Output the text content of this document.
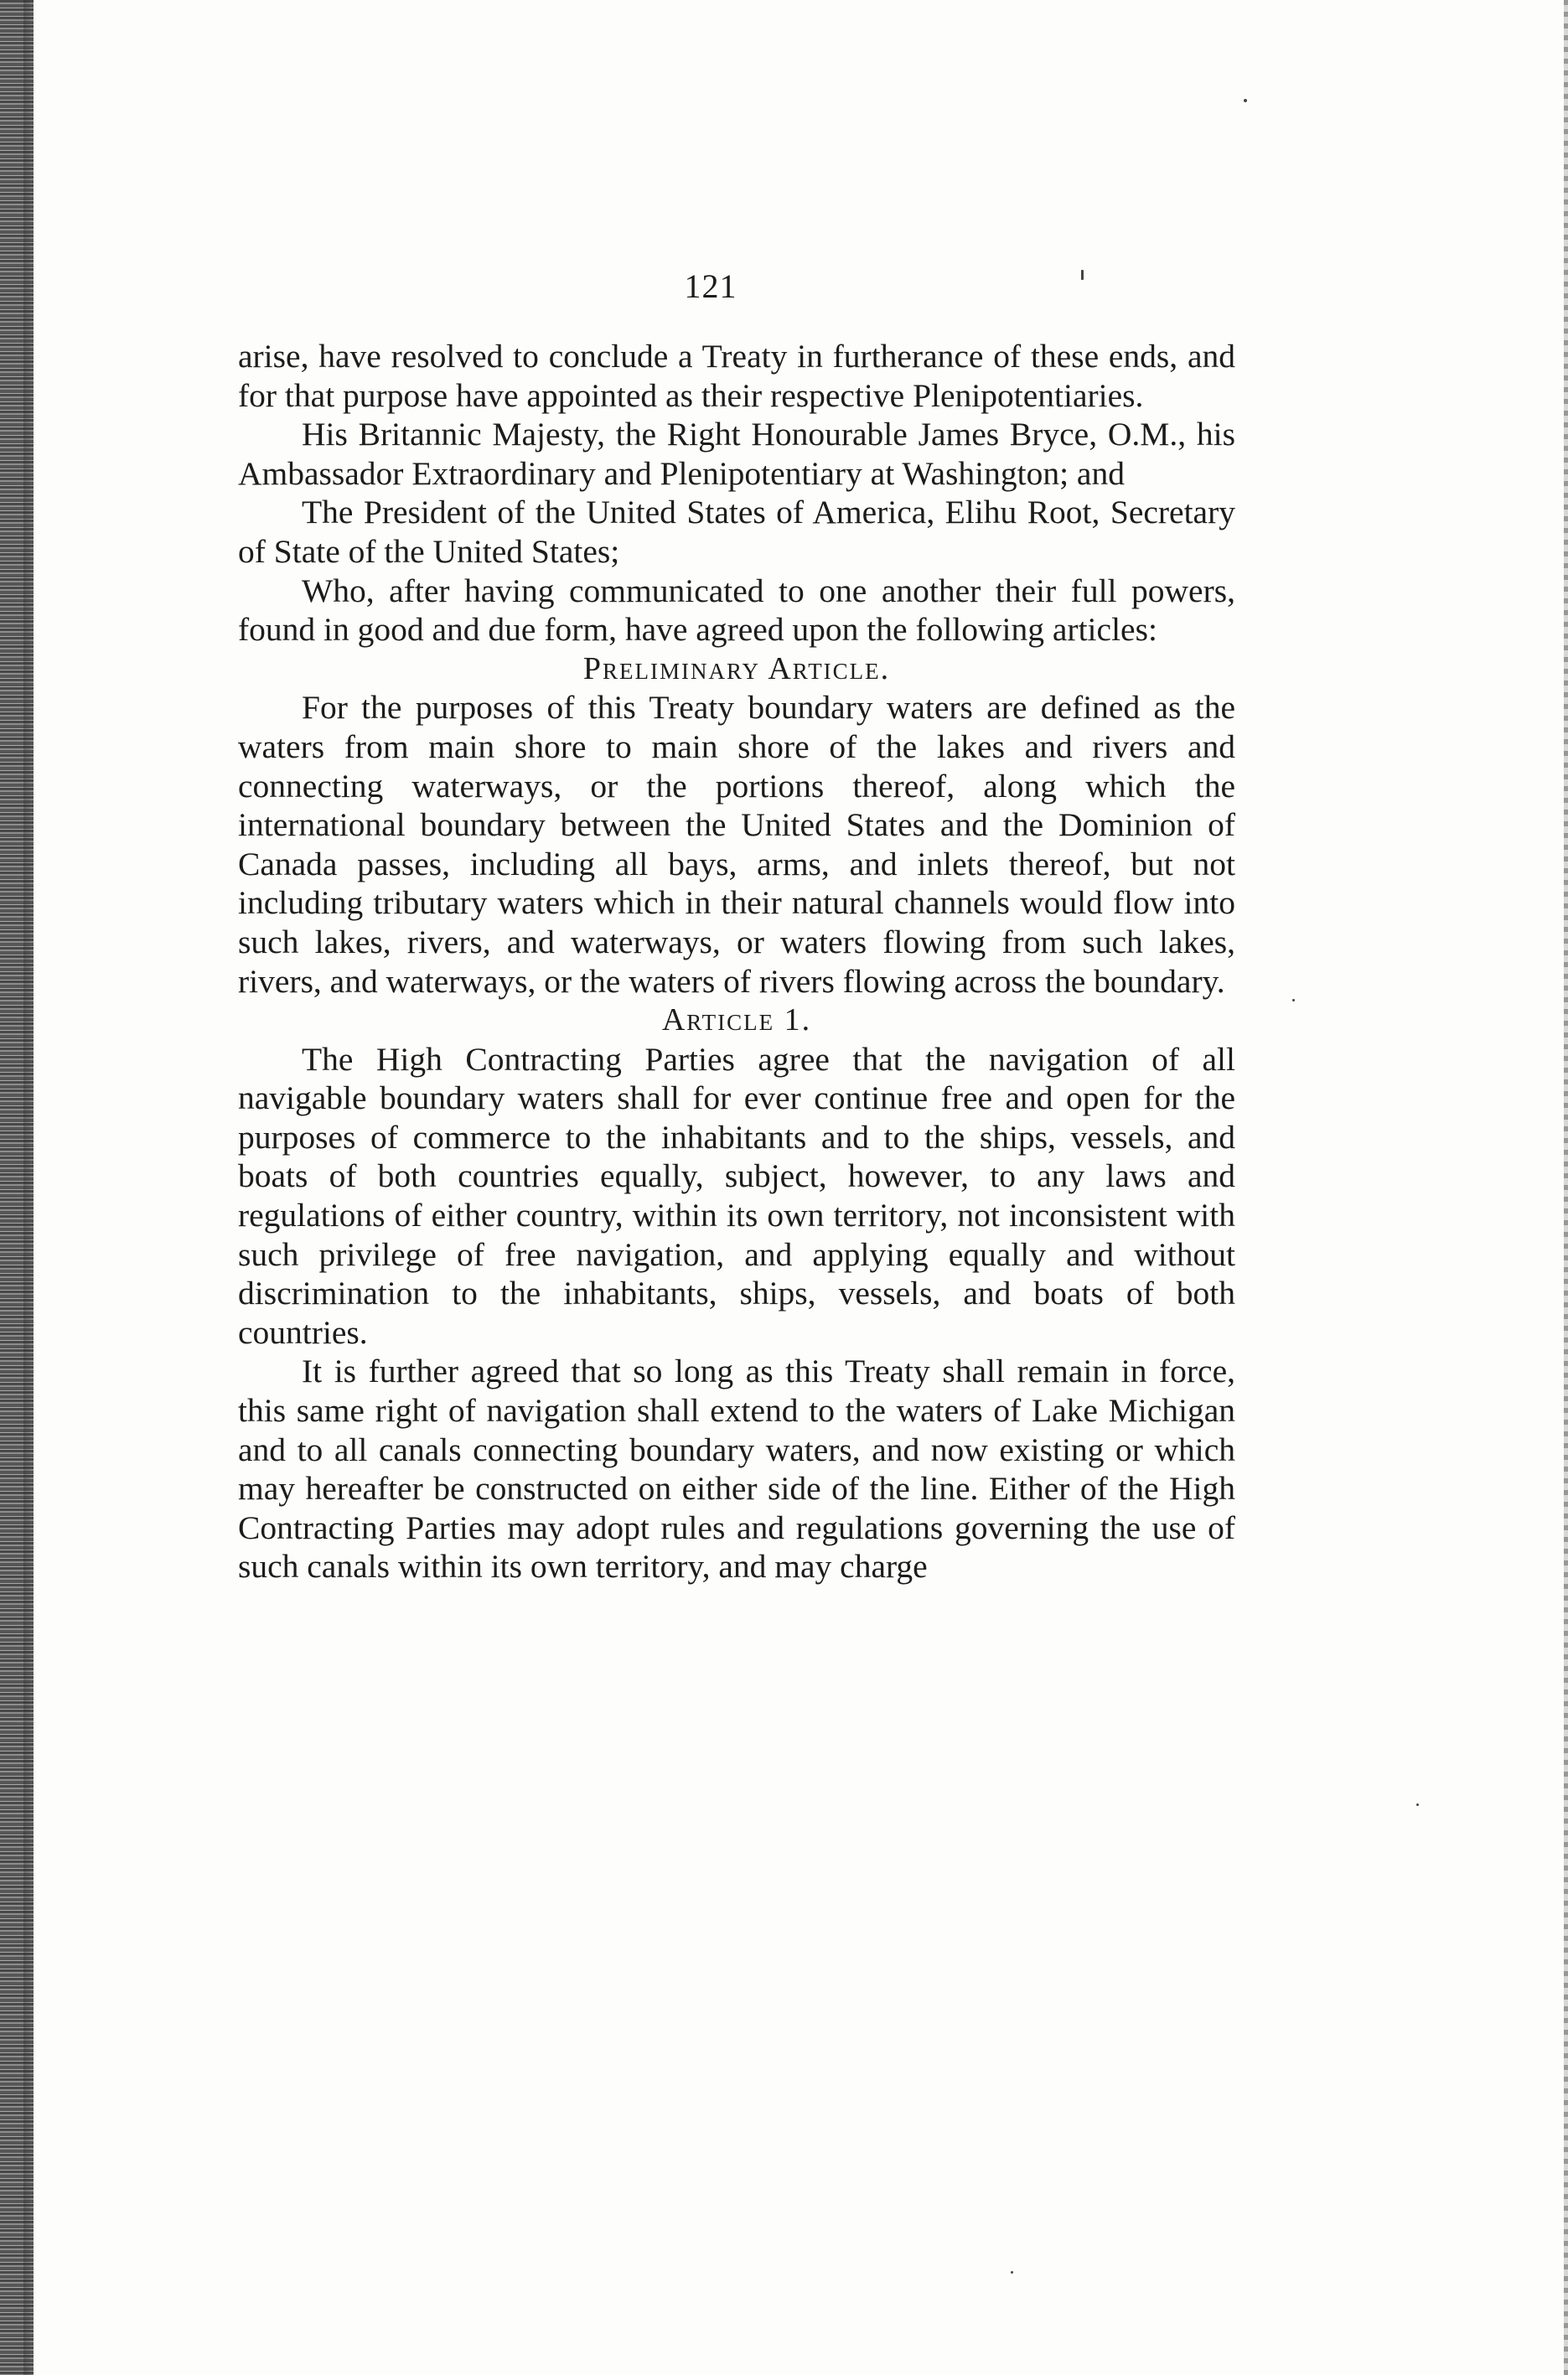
121

arise, have resolved to conclude a Treaty in furtherance of these ends, and for that purpose have appointed as their respective Plenipotentiaries.

His Britannic Majesty, the Right Honourable James Bryce, O.M., his Ambassador Extraordinary and Plenipotentiary at Washington; and

The President of the United States of America, Elihu Root, Secretary of State of the United States;

Who, after having communicated to one another their full powers, found in good and due form, have agreed upon the following articles:

Preliminary Article.

For the purposes of this Treaty boundary waters are defined as the waters from main shore to main shore of the lakes and rivers and connecting waterways, or the portions thereof, along which the international boundary between the United States and the Dominion of Canada passes, including all bays, arms, and inlets thereof, but not including tributary waters which in their natural channels would flow into such lakes, rivers, and waterways, or waters flowing from such lakes, rivers, and waterways, or the waters of rivers flowing across the boundary.

Article 1.

The High Contracting Parties agree that the navigation of all navigable boundary waters shall for ever continue free and open for the purposes of commerce to the inhabitants and to the ships, vessels, and boats of both countries equally, subject, however, to any laws and regulations of either country, within its own territory, not inconsistent with such privilege of free navigation, and applying equally and without discrimination to the inhabitants, ships, vessels, and boats of both countries.

It is further agreed that so long as this Treaty shall remain in force, this same right of navigation shall extend to the waters of Lake Michigan and to all canals connecting boundary waters, and now existing or which may hereafter be constructed on either side of the line. Either of the High Contracting Parties may adopt rules and regulations governing the use of such canals within its own territory, and may charge
